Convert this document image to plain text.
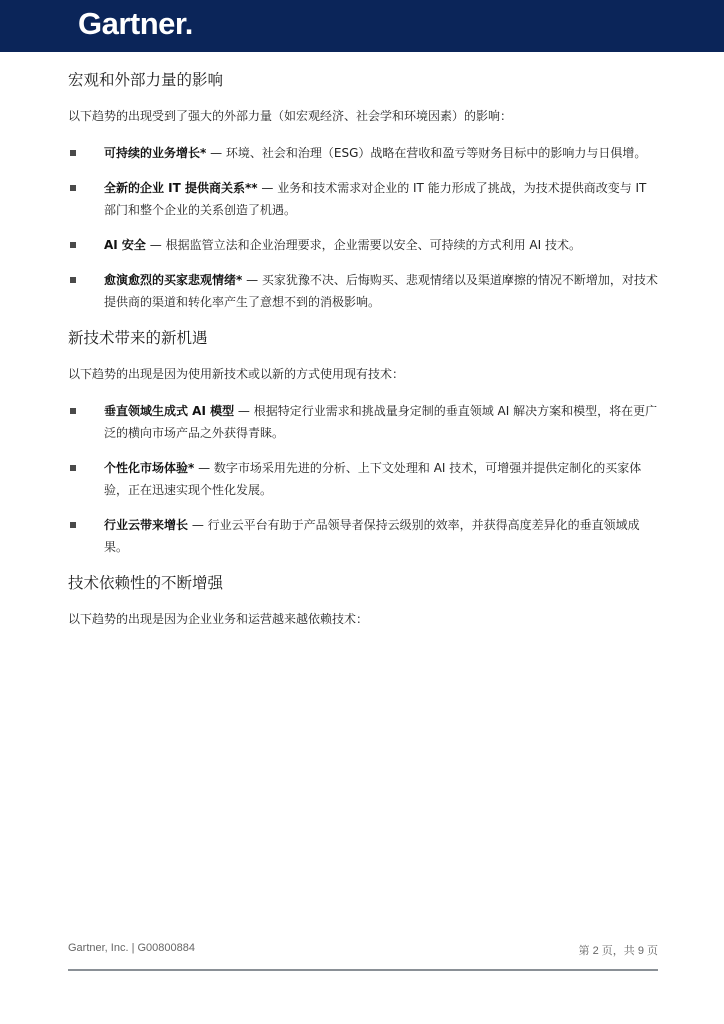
Gartner.
宏观和外部力量的影响

以下趋势的出现受到了强大的外部力量（如宏观经济、社会学和环境因素）的影响：

可持续的业务增长* — 环境、社会和治理（ESG）战略在营收和盈亏等财务目标中的影响力与日俱增。
全新的企业 IT 提供商关系** — 业务和技术需求对企业的 IT 能力形成了挑战，为技术提供商改变与 IT 部门和整个企业的关系创造了机遇。
AI 安全 — 根据监管立法和企业治理要求，企业需要以安全、可持续的方式利用 AI 技术。
愈演愈烈的买家悲观情绪* — 买家犹豫不决、后悔购买、悲观情绪以及渠道摩擦的情况不断增加，对技术提供商的渠道和转化率产生了意想不到的消极影响。
新技术带来的新机遇

以下趋势的出现是因为使用新技术或以新的方式使用现有技术：

垂直领域生成式 AI 模型 — 根据特定行业需求和挑战量身定制的垂直领域 AI 解决方案和模型，将在更广泛的横向市场产品之外获得青睐。
个性化市场体验* — 数字市场采用先进的分析、上下文处理和 AI 技术，可增强并提供定制化的买家体验，正在迅速实现个性化发展。
行业云带来增长 — 行业云平台有助于产品领导者保持云级别的效率，并获得高度差异化的垂直领域成果。
技术依赖性的不断增强

以下趋势的出现是因为企业业务和运营越来越依赖技术：

Gartner, Inc. | G00800884	第 2 页，共 9 页
